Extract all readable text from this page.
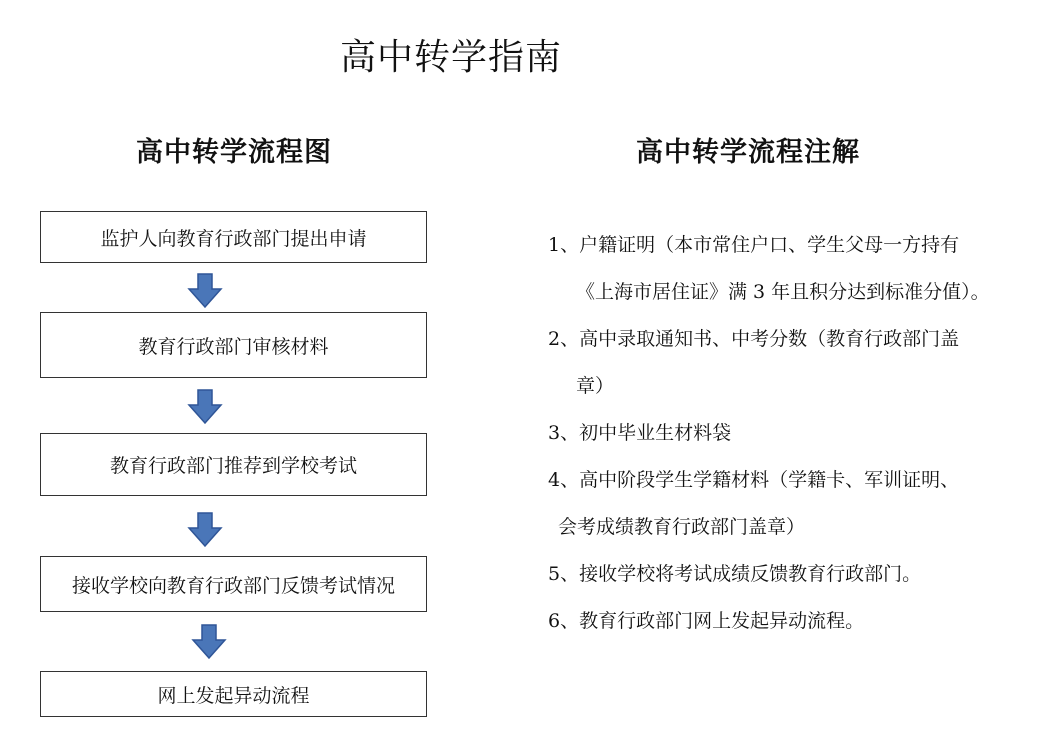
高中转学指南
高中转学流程图	高中转学流程注解
监护人向教育行政部门提出申请
教育行政部门审核材料
教育行政部门推荐到学校考试
接收学校向教育行政部门反馈考试情况
网上发起异动流程
1、户籍证明（本市常住户口、学生父母一方持有
《上海市居住证》满 3 年且积分达到标准分值）。
2、高中录取通知书、中考分数（教育行政部门盖
章）
3、初中毕业生材料袋
4、高中阶段学生学籍材料（学籍卡、军训证明、
会考成绩教育行政部门盖章）
5、接收学校将考试成绩反馈教育行政部门。
6、教育行政部门网上发起异动流程。
